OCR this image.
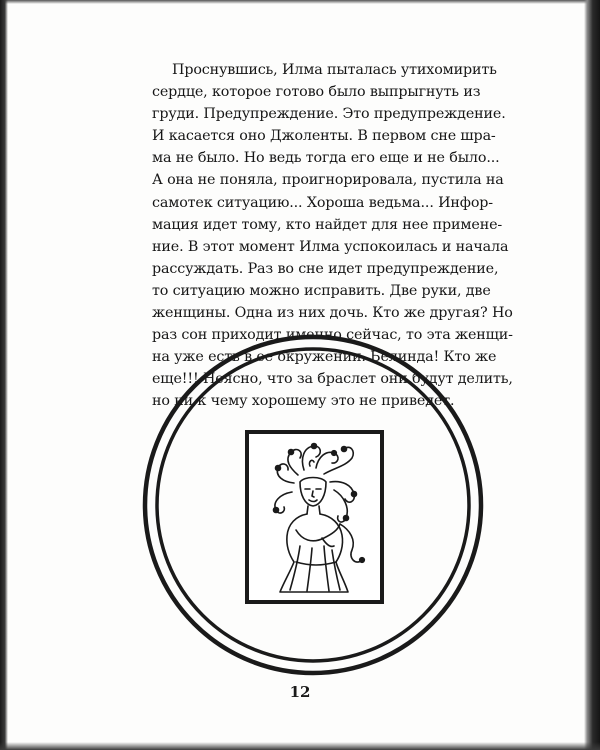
Проснувшись, Илма пыталась утихомирить
сердце, которое готово было выпрыгнуть из
груди. Предупреждение. Это предупреждение.
И касается оно Джоленты. В первом сне шра-
ма не было. Но ведь тогда его еще и не было...
А она не поняла, проигнорировала, пустила на
самотек ситуацию... Хороша ведьма... Инфор-
мация идет тому, кто найдет для нее примене-
ние. В этот момент Илма успокоилась и начала
рассуждать. Раз во сне идет предупреждение,
то ситуацию можно исправить. Две руки, две
женщины. Одна из них дочь. Кто же другая? Но
раз сон приходит именно сейчас, то эта женщи-
на уже есть в ее окружении. Белинда! Кто же
еще!!! Неясно, что за браслет они будут делить,
но ни к чему хорошему это не приведет.
12
